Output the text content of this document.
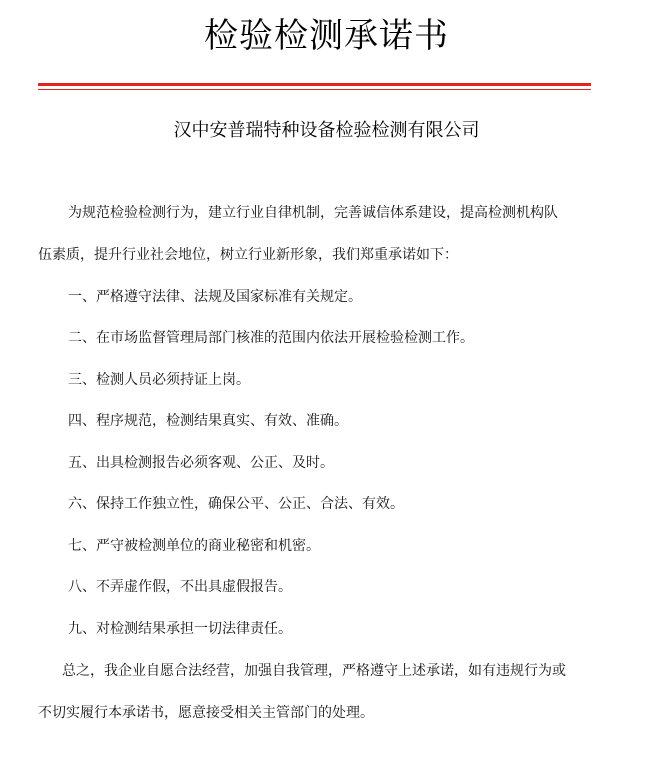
检验检测承诺书
汉中安普瑞特种设备检验检测有限公司
为规范检验检测行为，建立行业自律机制，完善诚信体系建设，提高检测机构队
伍素质，提升行业社会地位，树立行业新形象，我们郑重承诺如下：
一、严格遵守法律、法规及国家标准有关规定。
二、在市场监督管理局部门核准的范围内依法开展检验检测工作。
三、检测人员必须持证上岗。
四、程序规范，检测结果真实、有效、准确。
五、出具检测报告必须客观、公正、及时。
六、保持工作独立性，确保公平、公正、合法、有效。
七、严守被检测单位的商业秘密和机密。
八、不弄虚作假，不出具虚假报告。
九、对检测结果承担一切法律责任。
总之，我企业自愿合法经营，加强自我管理，严格遵守上述承诺，如有违规行为或
不切实履行本承诺书，愿意接受相关主管部门的处理。
